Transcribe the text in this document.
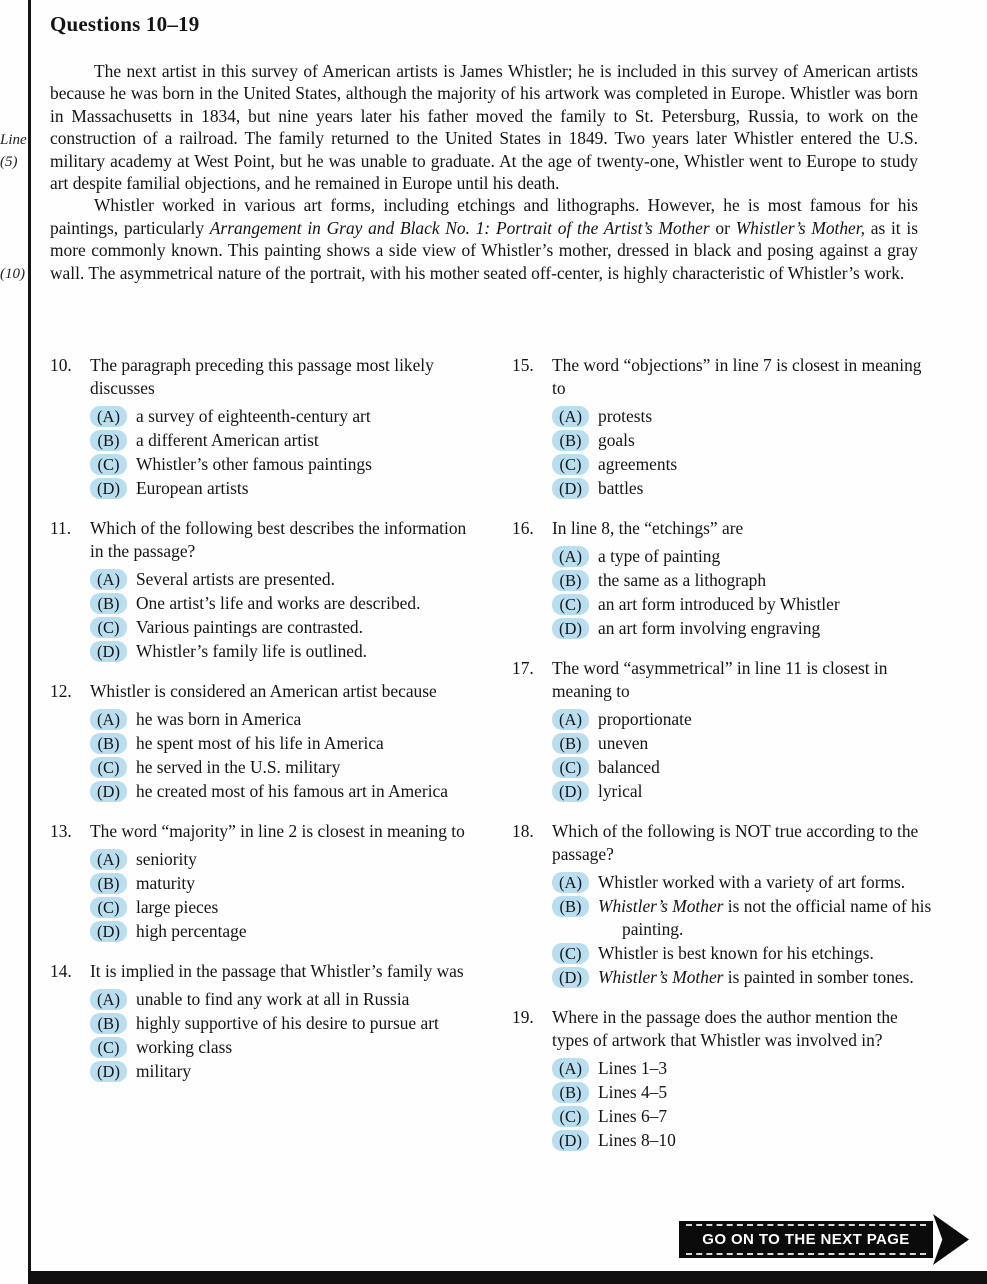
Questions 10–19
Line
(5)
(10)

The next artist in this survey of American artists is James Whistler; he is included in this survey of American artists because he was born in the United States, although the majority of his artwork was completed in Europe. Whistler was born in Massachusetts in 1834, but nine years later his father moved the family to St. Petersburg, Russia, to work on the construction of a railroad. The family returned to the United States in 1849. Two years later Whistler entered the U.S. military academy at West Point, but he was unable to graduate. At the age of twenty-one, Whistler went to Europe to study art despite familial objections, and he remained in Europe until his death.

Whistler worked in various art forms, including etchings and lithographs. However, he is most famous for his paintings, particularly Arrangement in Gray and Black No. 1: Portrait of the Artist’s Mother or Whistler’s Mother, as it is more commonly known. This painting shows a side view of Whistler’s mother, dressed in black and posing against a gray wall. The asymmetrical nature of the portrait, with his mother seated off-center, is highly characteristic of Whistler’s work.

10.	The paragraph preceding this passage most likely discusses
(A) a survey of eighteenth-century art
(B) a different American artist
(C) Whistler’s other famous paintings
(D) European artists
11.	Which of the following best describes the information in the passage?
(A) Several artists are presented.
(B) One artist’s life and works are described.
(C) Various paintings are contrasted.
(D) Whistler’s family life is outlined.
12.	Whistler is considered an American artist because
(A) he was born in America
(B) he spent most of his life in America
(C) he served in the U.S. military
(D) he created most of his famous art in America
13.	The word “majority” in line 2 is closest in meaning to
(A) seniority
(B) maturity
(C) large pieces
(D) high percentage
14.	It is implied in the passage that Whistler’s family was
(A) unable to find any work at all in Russia
(B) highly supportive of his desire to pursue art
(C) working class
(D) military
15.	The word “objections” in line 7 is closest in meaning to
(A) protests
(B) goals
(C) agreements
(D) battles
16.	In line 8, the “etchings” are
(A) a type of painting
(B) the same as a lithograph
(C) an art form introduced by Whistler
(D) an art form involving engraving
17.	The word “asymmetrical” in line 11 is closest in meaning to
(A) proportionate
(B) uneven
(C) balanced
(D) lyrical
18.	Which of the following is NOT true according to the passage?
(A) Whistler worked with a variety of art forms.
(B) Whistler’s Mother is not the official name of his painting.
(C) Whistler is best known for his etchings.
(D) Whistler’s Mother is painted in somber tones.
19.	Where in the passage does the author mention the types of artwork that Whistler was involved in?
(A) Lines 1–3
(B) Lines 4–5
(C) Lines 6–7
(D) Lines 8–10
GO ON TO THE NEXT PAGE
